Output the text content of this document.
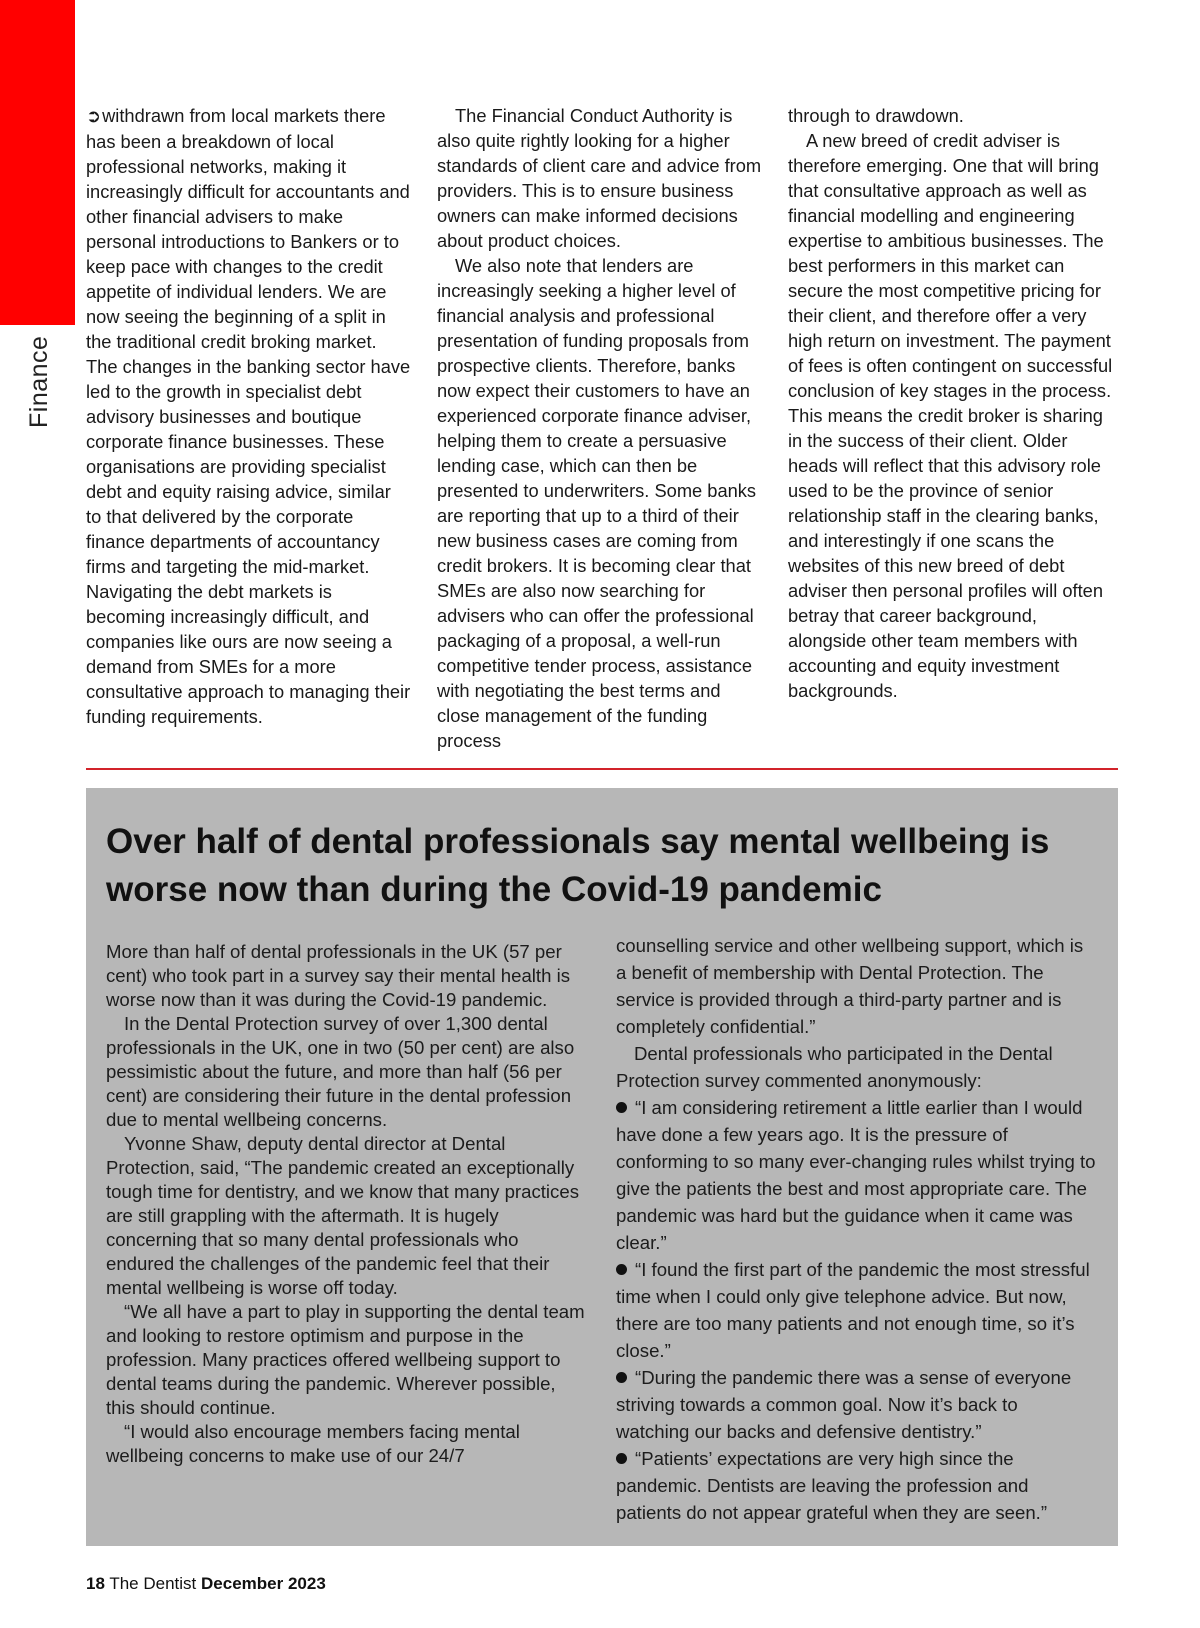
Finance

➲withdrawn from local markets there has been a breakdown of local professional networks, making it increasingly difficult for accountants and other financial advisers to make personal introductions to Bankers or to keep pace with changes to the credit appetite of individual lenders. We are now seeing the beginning of a split in the traditional credit broking market. The changes in the banking sector have led to the growth in specialist debt advisory businesses and boutique corporate finance businesses. These organisations are providing specialist debt and equity raising advice, similar to that delivered by the corporate finance departments of accountancy firms and targeting the mid-market. Navigating the debt markets is becoming increasingly difficult, and companies like ours are now seeing a demand from SMEs for a more consultative approach to managing their funding requirements.

The Financial Conduct Authority is also quite rightly looking for a higher standards of client care and advice from providers. This is to ensure business owners can make informed decisions about product choices.

We also note that lenders are increasingly seeking a higher level of financial analysis and professional presentation of funding proposals from prospective clients. Therefore, banks now expect their customers to have an experienced corporate finance adviser, helping them to create a persuasive lending case, which can then be presented to underwriters. Some banks are reporting that up to a third of their new business cases are coming from credit brokers. It is becoming clear that SMEs are also now searching for advisers who can offer the professional packaging of a proposal, a well-run competitive tender process, assistance with negotiating the best terms and close management of the funding process

through to drawdown.

A new breed of credit adviser is therefore emerging. One that will bring that consultative approach as well as financial modelling and engineering expertise to ambitious businesses. The best performers in this market can secure the most competitive pricing for their client, and therefore offer a very high return on investment. The payment of fees is often contingent on successful conclusion of key stages in the process. This means the credit broker is sharing in the success of their client. Older heads will reflect that this advisory role used to be the province of senior relationship staff in the clearing banks, and interestingly if one scans the websites of this new breed of debt adviser then personal profiles will often betray that career background, alongside other team members with accounting and equity investment backgrounds.

Over half of dental professionals say mental wellbeing is worse now than during the Covid-19 pandemic

More than half of dental professionals in the UK (57 per cent) who took part in a survey say their mental health is worse now than it was during the Covid-19 pandemic.

In the Dental Protection survey of over 1,300 dental professionals in the UK, one in two (50 per cent) are also pessimistic about the future, and more than half (56 per cent) are considering their future in the dental profession due to mental wellbeing concerns.

Yvonne Shaw, deputy dental director at Dental Protection, said, “The pandemic created an exceptionally tough time for dentistry, and we know that many practices are still grappling with the aftermath. It is hugely concerning that so many dental professionals who endured the challenges of the pandemic feel that their mental wellbeing is worse off today.

“We all have a part to play in supporting the dental team and looking to restore optimism and purpose in the profession. Many practices offered wellbeing support to dental teams during the pandemic. Wherever possible, this should continue.

“I would also encourage members facing mental wellbeing concerns to make use of our 24/7

counselling service and other wellbeing support, which is a benefit of membership with Dental Protection. The service is provided through a third-party partner and is completely confidential.”

Dental professionals who participated in the Dental Protection survey commented anonymously:

“I am considering retirement a little earlier than I would have done a few years ago. It is the pressure of conforming to so many ever-changing rules whilst trying to give the patients the best and most appropriate care. The pandemic was hard but the guidance when it came was clear.”

“I found the first part of the pandemic the most stressful time when I could only give telephone advice. But now, there are too many patients and not enough time, so it’s close.”

“During the pandemic there was a sense of everyone striving towards a common goal. Now it’s back to watching our backs and defensive dentistry.”

“Patients’ expectations are very high since the pandemic. Dentists are leaving the profession and patients do not appear grateful when they are seen.”

18 The Dentist December 2023
